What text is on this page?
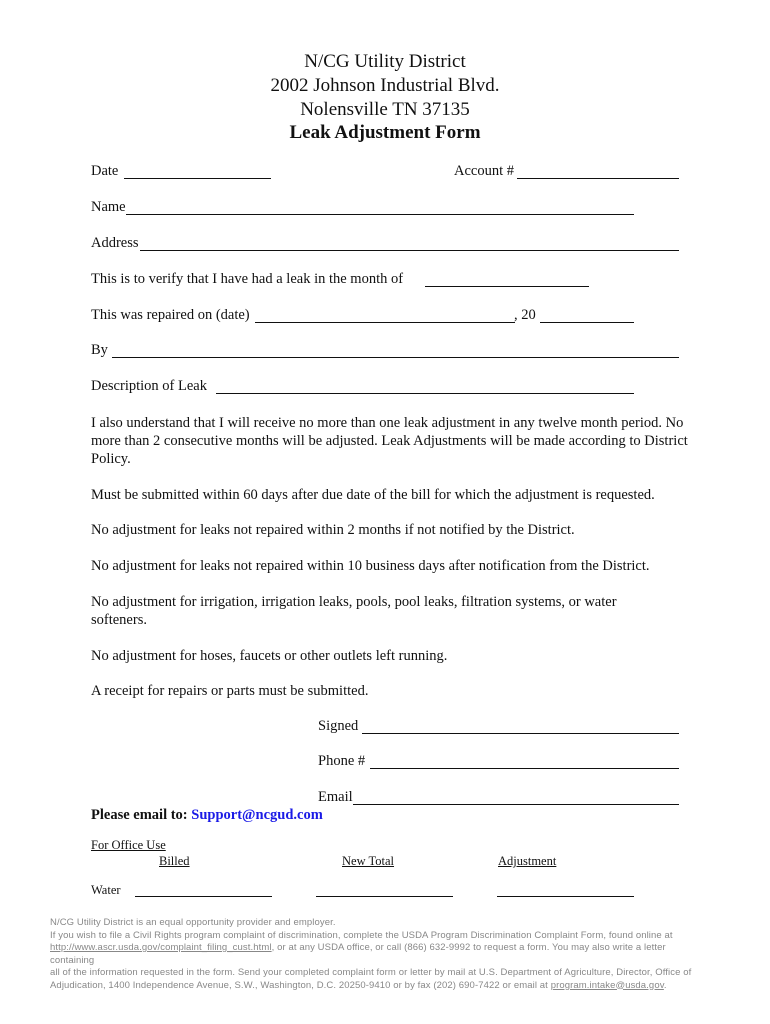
N/CG Utility District
2002 Johnson Industrial Blvd.
Nolensville TN 37135
Leak Adjustment Form
Date	Account #
Name
Address
This is to verify that I have had a leak in the month of
This was repaired on (date)	, 20
By
Description of Leak
I also understand that I will receive no more than one leak adjustment in any twelve month period. No more than 2 consecutive months will be adjusted. Leak Adjustments will be made according to District Policy.
Must be submitted within 60 days after due date of the bill for which the adjustment is requested.
No adjustment for leaks not repaired within 2 months if not notified by the District.
No adjustment for leaks not repaired within 10 business days after notification from the District.
No adjustment for irrigation, irrigation leaks, pools, pool leaks, filtration systems, or water softeners.
No adjustment for hoses, faucets or other outlets left running.
A receipt for repairs or parts must be submitted.
Signed
Phone #
Email
Please email to: Support@ncgud.com
For Office Use
Billed	New Total	Adjustment
Water
N/CG Utility District is an equal opportunity provider and employer.
If you wish to file a Civil Rights program complaint of discrimination, complete the USDA Program Discrimination Complaint Form, found online at
http://www.ascr.usda.gov/complaint_filing_cust.html, or at any USDA office, or call (866) 632-9992 to request a form. You may also write a letter containing
all of the information requested in the form. Send your completed complaint form or letter by mail at U.S. Department of Agriculture, Director, Office of
Adjudication, 1400 Independence Avenue, S.W., Washington, D.C. 20250-9410 or by fax (202) 690-7422 or email at program.intake@usda.gov.
